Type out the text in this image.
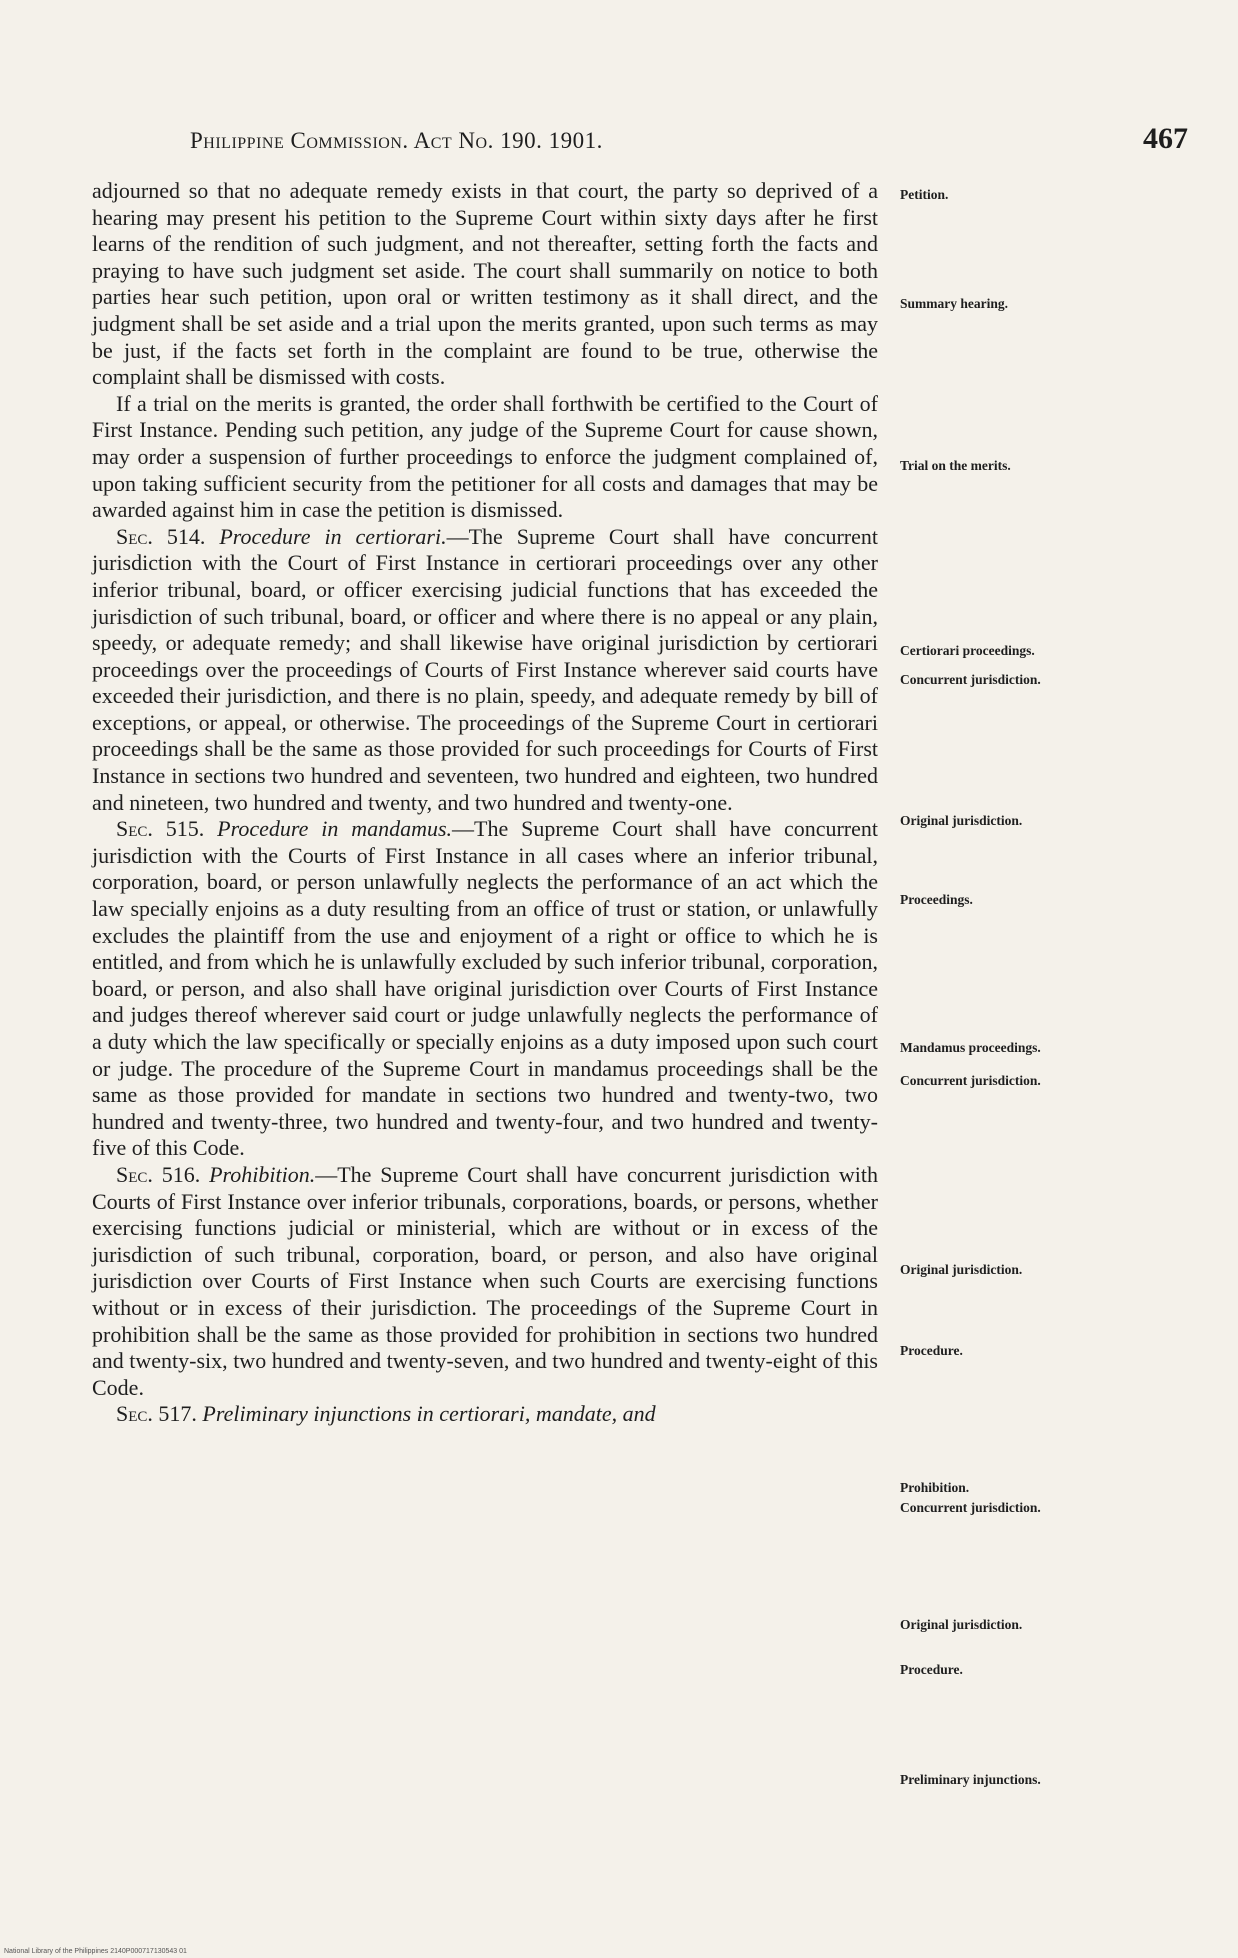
Philippine Commission. Act No. 190. 1901.	467

adjourned so that no adequate remedy exists in that court, the party so deprived of a hearing may present his petition to the Supreme Court within sixty days after he first learns of the rendition of such judgment, and not thereafter, setting forth the facts and praying to have such judgment set aside. The court shall summarily on notice to both parties hear such petition, upon oral or written testimony as it shall direct, and the judgment shall be set aside and a trial upon the merits granted, upon such terms as may be just, if the facts set forth in the complaint are found to be true, otherwise the complaint shall be dismissed with costs.

If a trial on the merits is granted, the order shall forthwith be certified to the Court of First Instance. Pending such petition, any judge of the Supreme Court for cause shown, may order a suspension of further proceedings to enforce the judgment complained of, upon taking sufficient security from the petitioner for all costs and damages that may be awarded against him in case the petition is dismissed.

Sec. 514. Procedure in certiorari.—The Supreme Court shall have concurrent jurisdiction with the Court of First Instance in certiorari proceedings over any other inferior tribunal, board, or officer exercising judicial functions that has exceeded the jurisdiction of such tribunal, board, or officer and where there is no appeal or any plain, speedy, or adequate remedy; and shall likewise have original jurisdiction by certiorari proceedings over the proceedings of Courts of First Instance wherever said courts have exceeded their jurisdiction, and there is no plain, speedy, and adequate remedy by bill of exceptions, or appeal, or otherwise. The proceedings of the Supreme Court in certiorari proceedings shall be the same as those provided for such proceedings for Courts of First Instance in sections two hundred and seventeen, two hundred and eighteen, two hundred and nineteen, two hundred and twenty, and two hundred and twenty-one.

Sec. 515. Procedure in mandamus.—The Supreme Court shall have concurrent jurisdiction with the Courts of First Instance in all cases where an inferior tribunal, corporation, board, or person unlawfully neglects the performance of an act which the law specially enjoins as a duty resulting from an office of trust or station, or unlawfully excludes the plaintiff from the use and enjoyment of a right or office to which he is entitled, and from which he is unlawfully excluded by such inferior tribunal, corporation, board, or person, and also shall have original jurisdiction over Courts of First Instance and judges thereof wherever said court or judge unlawfully neglects the performance of a duty which the law specifically or specially enjoins as a duty imposed upon such court or judge. The procedure of the Supreme Court in mandamus proceedings shall be the same as those provided for mandate in sections two hundred and twenty-two, two hundred and twenty-three, two hundred and twenty-four, and two hundred and twenty-five of this Code.

Sec. 516. Prohibition.—The Supreme Court shall have concurrent jurisdiction with Courts of First Instance over inferior tribunals, corporations, boards, or persons, whether exercising functions judicial or ministerial, which are without or in excess of the jurisdiction of such tribunal, corporation, board, or person, and also have original jurisdiction over Courts of First Instance when such Courts are exercising functions without or in excess of their jurisdiction. The proceedings of the Supreme Court in prohibition shall be the same as those provided for prohibition in sections two hundred and twenty-six, two hundred and twenty-seven, and two hundred and twenty-eight of this Code.

Sec. 517. Preliminary injunctions in certiorari, mandate, and

Petition.
Summary hearing.
Trial on the merits.
Certiorari proceedings.
Concurrent jurisdiction.
Original jurisdiction.
Proceedings.
Mandamus proceedings.
Concurrent jurisdiction.
Original jurisdiction.
Procedure.
Prohibition.
Concurrent jurisdiction.
Original jurisdiction.
Procedure.
Preliminary injunctions.
National Library of the Philippines 2140P000717130543 01
